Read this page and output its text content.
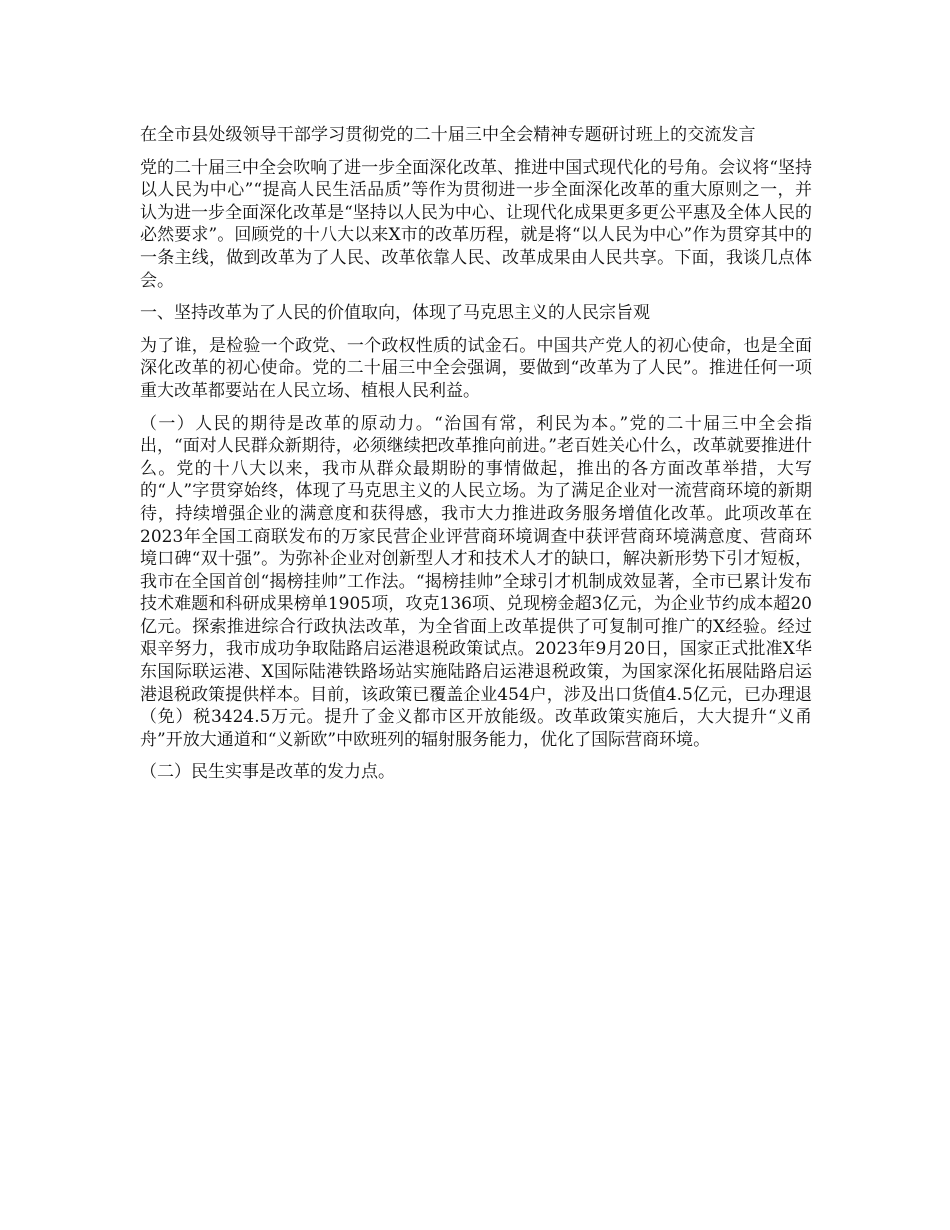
在全市县处级领导干部学习贯彻党的二十届三中全会精神专题研讨班上的交流发言

党的二十届三中全会吹响了进一步全面深化改革、推进中国式现代化的号角。会议将“坚持以人民为中心”“提高人民生活品质”等作为贯彻进一步全面深化改革的重大原则之一，并认为进一步全面深化改革是“坚持以人民为中心、让现代化成果更多更公平惠及全体人民的必然要求”。回顾党的十八大以来X市的改革历程，就是将“以人民为中心”作为贯穿其中的一条主线，做到改革为了人民、改革依靠人民、改革成果由人民共享。下面，我谈几点体会。

一、坚持改革为了人民的价值取向，体现了马克思主义的人民宗旨观

为了谁，是检验一个政党、一个政权性质的试金石。中国共产党人的初心使命，也是全面深化改革的初心使命。党的二十届三中全会强调，要做到“改革为了人民”。推进任何一项重大改革都要站在人民立场、植根人民利益。

（一）人民的期待是改革的原动力。“治国有常，利民为本。”党的二十届三中全会指出，“面对人民群众新期待，必须继续把改革推向前进。”老百姓关心什么，改革就要推进什么。党的十八大以来，我市从群众最期盼的事情做起，推出的各方面改革举措，大写的“人”字贯穿始终，体现了马克思主义的人民立场。为了满足企业对一流营商环境的新期待，持续增强企业的满意度和获得感，我市大力推进政务服务增值化改革。此项改革在2023年全国工商联发布的万家民营企业评营商环境调查中获评营商环境满意度、营商环境口碑“双十强”。为弥补企业对创新型人才和技术人才的缺口，解决新形势下引才短板，我市在全国首创“揭榜挂帅”工作法。“揭榜挂帅”全球引才机制成效显著，全市已累计发布技术难题和科研成果榜单1905项，攻克136项、兑现榜金超3亿元，为企业节约成本超20亿元。探索推进综合行政执法改革，为全省面上改革提供了可复制可推广的X经验。经过艰辛努力，我市成功争取陆路启运港退税政策试点。2023年9月20日，国家正式批准X华东国际联运港、X国际陆港铁路场站实施陆路启运港退税政策，为国家深化拓展陆路启运港退税政策提供样本。目前，该政策已覆盖企业454户，涉及出口货值4.5亿元，已办理退（免）税3424.5万元。提升了金义都市区开放能级。改革政策实施后，大大提升“义甬舟”开放大通道和“义新欧”中欧班列的辐射服务能力，优化了国际营商环境。

（二）民生实事是改革的发力点。
